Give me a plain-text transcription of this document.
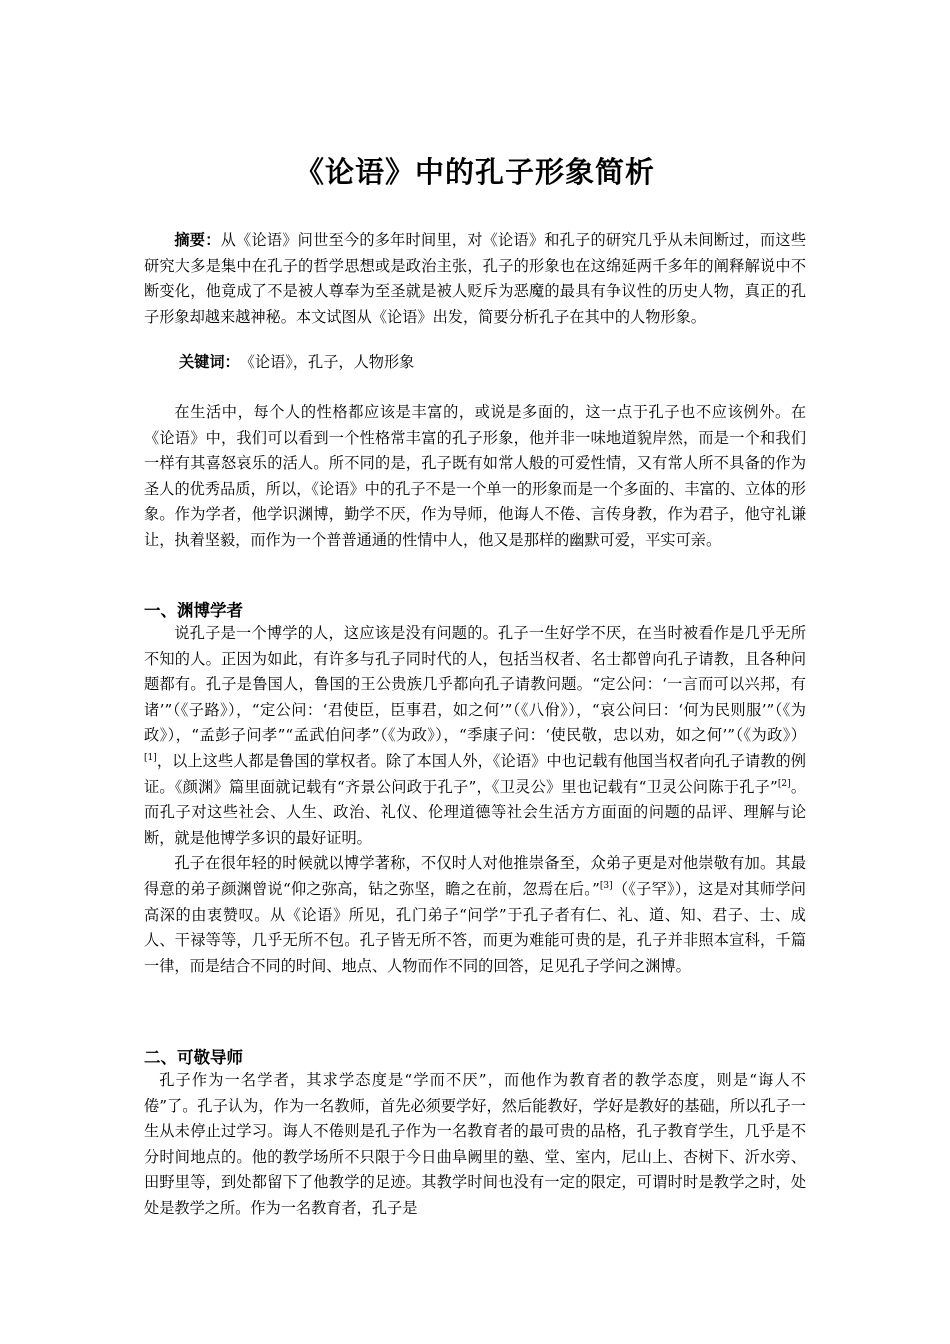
《论语》中的孔子形象简析

摘要：从《论语》问世至今的多年时间里，对《论语》和孔子的研究几乎从未间断过，而这些研究大多是集中在孔子的哲学思想或是政治主张，孔子的形象也在这绵延两千多年的阐释解说中不断变化，他竟成了不是被人尊奉为至圣就是被人贬斥为恶魔的最具有争议性的历史人物，真正的孔子形象却越来越神秘。本文试图从《论语》出发，简要分析孔子在其中的人物形象。

关键词：《论语》，孔子，人物形象

在生活中，每个人的性格都应该是丰富的，或说是多面的，这一点于孔子也不应该例外。在《论语》中，我们可以看到一个性格常丰富的孔子形象，他并非一味地道貌岸然，而是一个和我们一样有其喜怒哀乐的活人。所不同的是，孔子既有如常人般的可爱性情，又有常人所不具备的作为圣人的优秀品质，所以，《论语》中的孔子不是一个单一的形象而是一个多面的、丰富的、立体的形象。作为学者，他学识渊博，勤学不厌，作为导师，他诲人不倦、言传身教，作为君子，他守礼谦让，执着坚毅，而作为一个普普通通的性情中人，他又是那样的幽默可爱，平实可亲。

一、渊博学者

说孔子是一个博学的人，这应该是没有问题的。孔子一生好学不厌，在当时被看作是几乎无所不知的人。正因为如此，有许多与孔子同时代的人，包括当权者、名士都曾向孔子请教，且各种问题都有。孔子是鲁国人，鲁国的王公贵族几乎都向孔子请教问题。“定公问：‘一言而可以兴邦，有诸’”（《子路》），“定公问：‘君使臣，臣事君，如之何’”（《八佾》），“哀公问曰：‘何为民则服’”（《为政》），“孟彭子问孝”“孟武伯问孝”（《为政》），“季康子问：‘使民敬，忠以劝，如之何’”（《为政》）[1]，以上这些人都是鲁国的掌权者。除了本国人外，《论语》中也记载有他国当权者向孔子请教的例证。《颜渊》篇里面就记载有“齐景公问政于孔子”，《卫灵公》里也记载有“卫灵公问陈于孔子”[2]。而孔子对这些社会、人生、政治、礼仪、伦理道德等社会生活方方面面的问题的品评、理解与论断，就是他博学多识的最好证明。

孔子在很年轻的时候就以博学著称，不仅时人对他推崇备至，众弟子更是对他崇敬有加。其最得意的弟子颜渊曾说“仰之弥高，钻之弥坚，瞻之在前，忽焉在后。”[3]（《子罕》），这是对其师学问高深的由衷赞叹。从《论语》所见，孔门弟子“问学”于孔子者有仁、礼、道、知、君子、士、成人、干禄等等，几乎无所不包。孔子皆无所不答，而更为难能可贵的是，孔子并非照本宣科，千篇一律，而是结合不同的时间、地点、人物而作不同的回答，足见孔子学问之渊博。

二、可敬导师

孔子作为一名学者，其求学态度是“学而不厌”，而他作为教育者的教学态度，则是“诲人不倦”了。孔子认为，作为一名教师，首先必须要学好，然后能教好，学好是教好的基础，所以孔子一生从未停止过学习。诲人不倦则是孔子作为一名教育者的最可贵的品格，孔子教育学生，几乎是不分时间地点的。他的教学场所不只限于今日曲阜阙里的塾、堂、室内，尼山上、杏树下、沂水旁、田野里等，到处都留下了他教学的足迹。其教学时间也没有一定的限定，可谓时时是教学之时，处处是教学之所。作为一名教育者，孔子是
